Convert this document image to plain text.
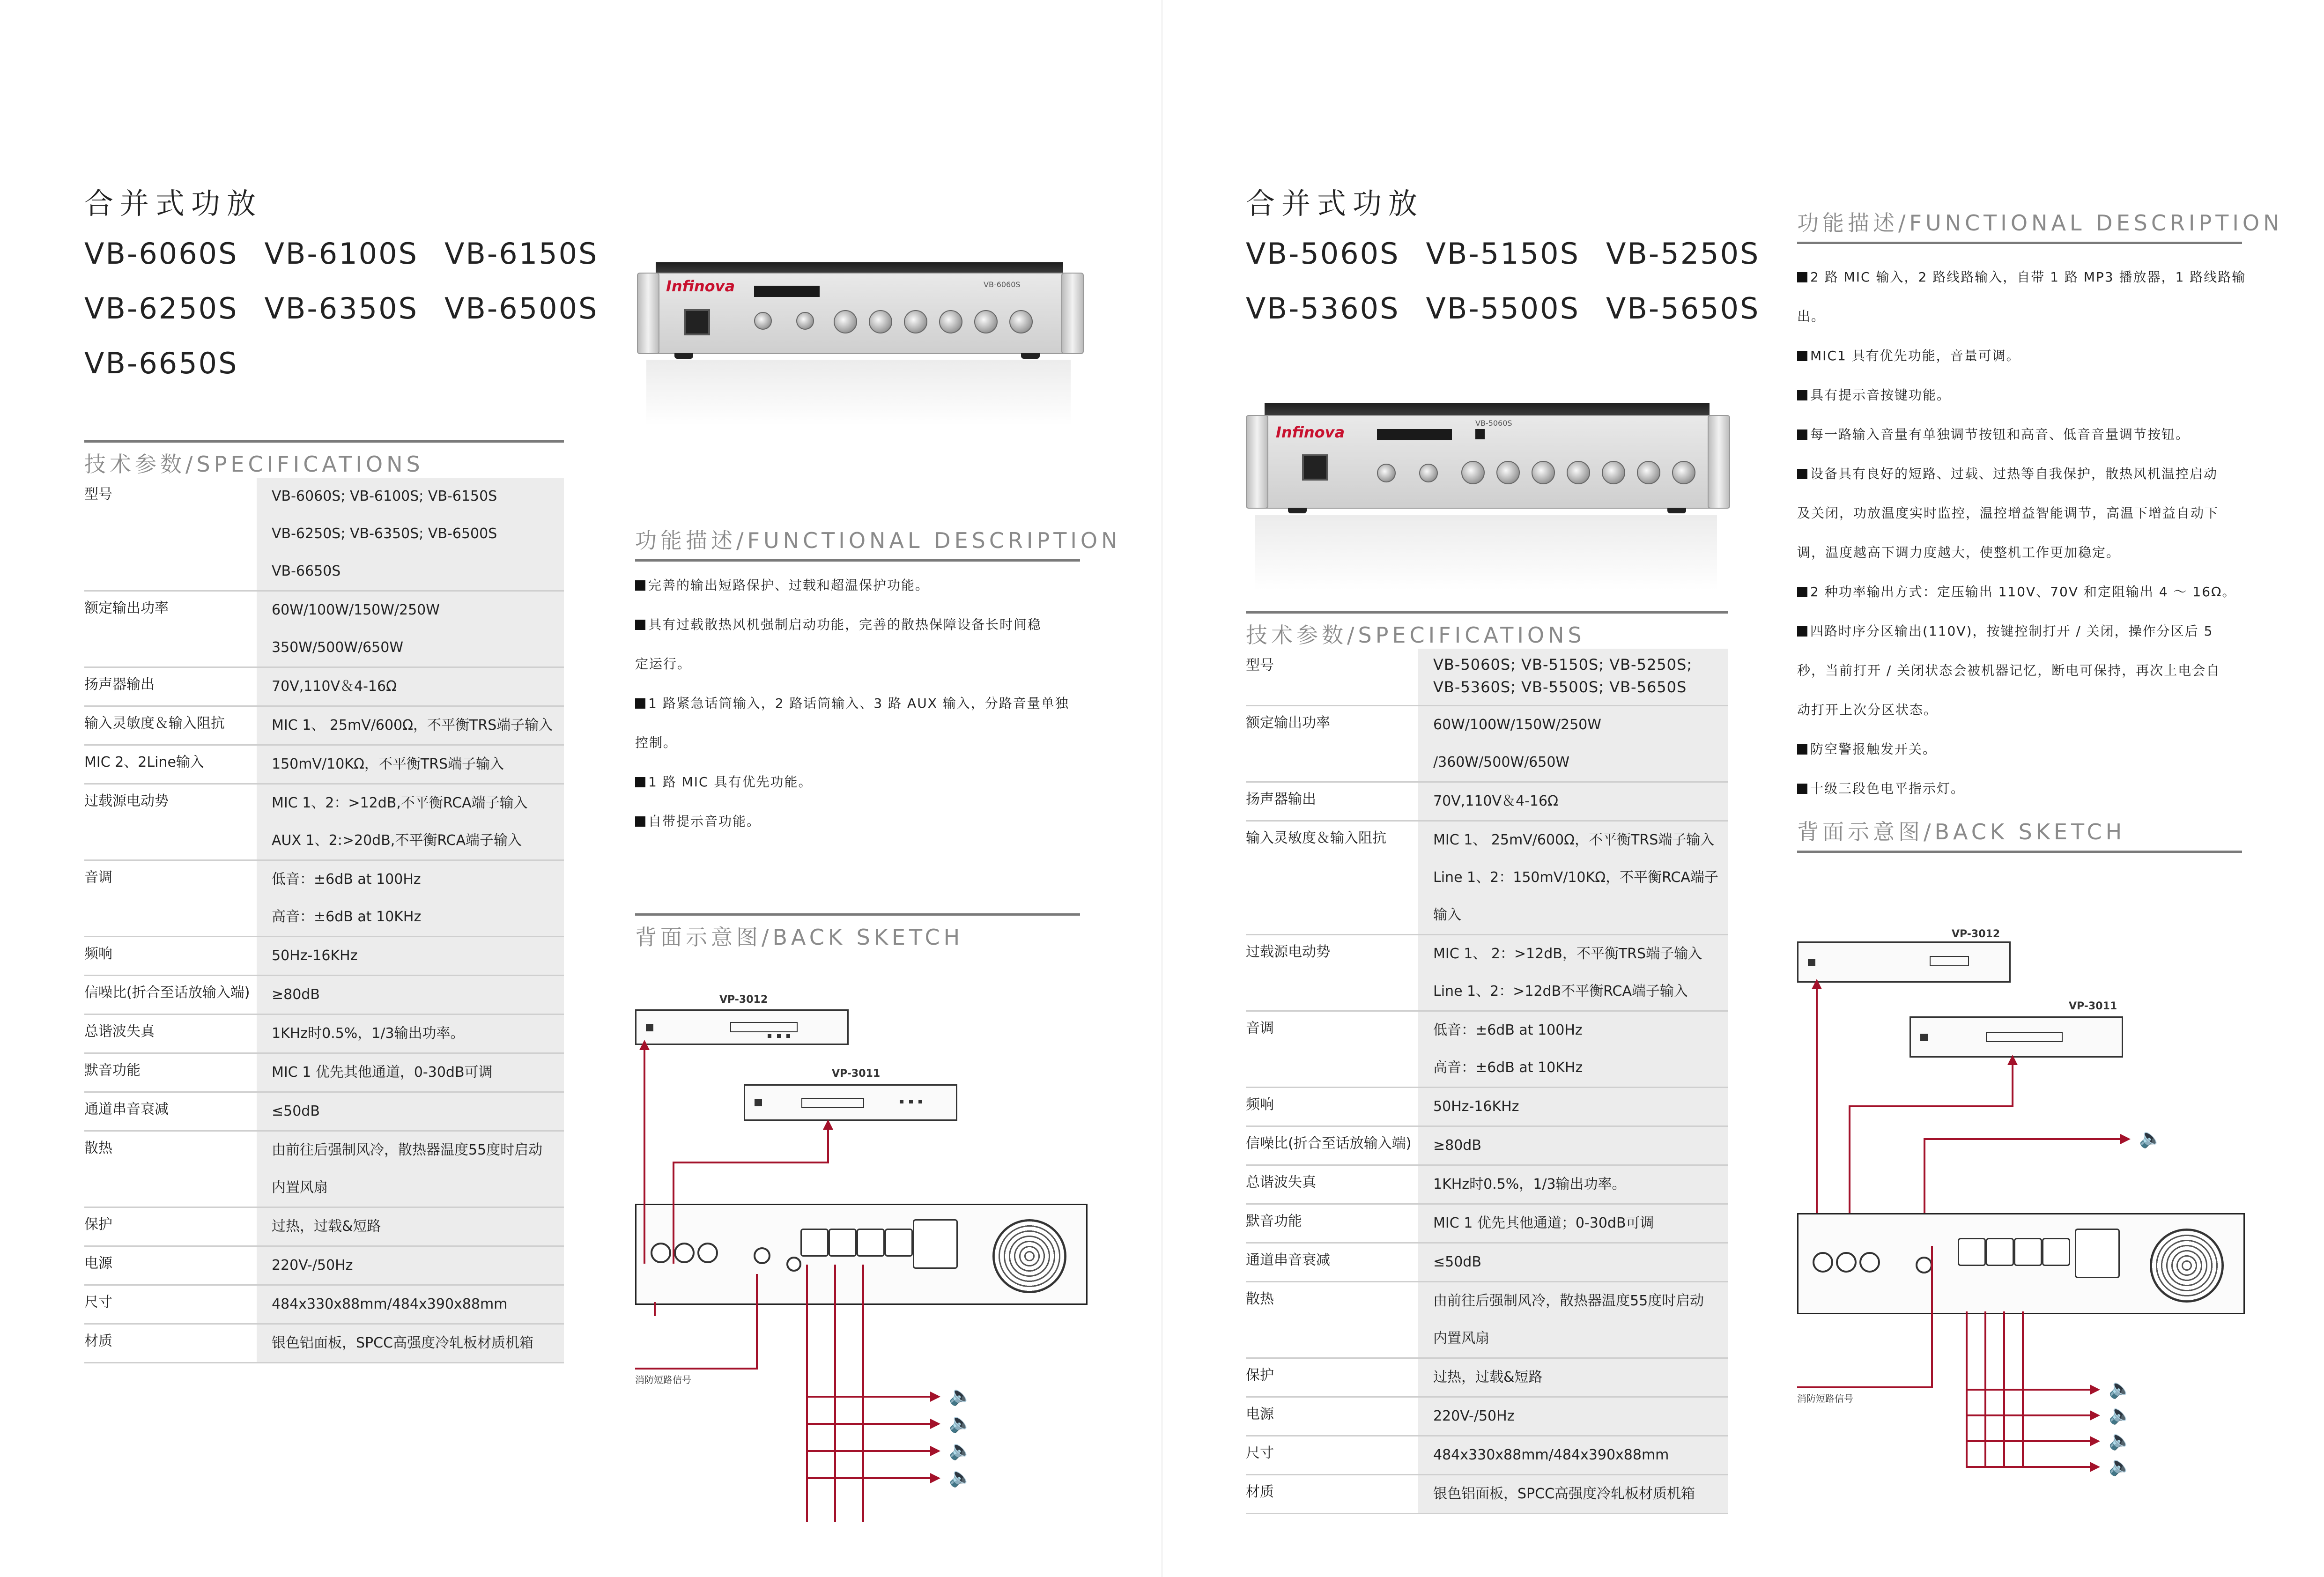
合并式功放
VB-6060S VB-6100S VB-6150S
VB-6250S VB-6350S VB-6500S
VB-6650S
Infinova	VB-6060S
技术参数/SPECIFICATIONS
型号	VB-6060S; VB-6100S; VB-6150S
VB-6250S; VB-6350S; VB-6500S
VB-6650S

额定输出功率	60W/100W/150W/250W
350W/500W/650W

扬声器输出	70V,110V＆4-16Ω

输入灵敏度＆输入阻抗	MIC 1、 25mV/600Ω，不平衡TRS端子输入

MIC 2、2Line输入	150mV/10KΩ，不平衡TRS端子输入

过载源电动势	MIC 1、2：>12dB,不平衡RCA端子输入
AUX 1、2:>20dB,不平衡RCA端子输入

音调	低音：±6dB at 100Hz
高音：±6dB at 10KHz

频响	50Hz-16KHz

信噪比(折合至话放输入端)	≥80dB

总谐波失真	1KHz时0.5%，1/3输出功率。

默音功能	MIC 1 优先其他通道，0-30dB可调

通道串音衰减	≤50dB

散热	由前往后强制风冷，散热器温度55度时启动
内置风扇

保护	过热，过载&短路

电源	220V-/50Hz

尺寸	484x330x88mm/484x390x88mm

材质	银色铝面板，SPCC高强度冷轧板材质机箱
功能描述/FUNCTIONAL DESCRIPTION
完善的输出短路保护、过载和超温保护功能。
具有过载散热风机强制启动功能，完善的散热保障设备长时间稳
定运行。
1 路紧急话筒输入，2 路话筒输入、3 路 AUX 输入，分路音量单独
控制。
1 路 MIC 具有优先功能。
自带提示音功能。
背面示意图/BACK SKETCH
VP-3012
VP-3011
消防短路信号
🔈
🔈
🔈
🔈
合并式功放
VB-5060S VB-5150S VB-5250S
VB-5360S VB-5500S VB-5650S
Infinova
VB-5060S
技术参数/SPECIFICATIONS
型号	VB-5060S; VB-5150S; VB-5250S;
VB-5360S; VB-5500S; VB-5650S

额定输出功率	60W/100W/150W/250W
/360W/500W/650W

扬声器输出	70V,110V＆4-16Ω

输入灵敏度＆输入阻抗	MIC 1、 25mV/600Ω，不平衡TRS端子输入
Line 1、2：150mV/10KΩ，不平衡RCA端子输入

过载源电动势	MIC 1、 2：>12dB，不平衡TRS端子输入
Line 1、2：>12dB不平衡RCA端子输入

音调	低音：±6dB at 100Hz
高音：±6dB at 10KHz

频响	50Hz-16KHz

信噪比(折合至话放输入端)	≥80dB

总谐波失真	1KHz时0.5%，1/3输出功率。

默音功能	MIC 1 优先其他通道；0-30dB可调

通道串音衰减	≤50dB

散热	由前往后强制风冷，散热器温度55度时启动
内置风扇

保护	过热，过载&短路

电源	220V-/50Hz

尺寸	484x330x88mm/484x390x88mm

材质	银色铝面板，SPCC高强度冷轧板材质机箱
功能描述/FUNCTIONAL DESCRIPTION
2 路 MIC 输入，2 路线路输入，自带 1 路 MP3 播放器，1 路线路输出。
MIC1 具有优先功能，音量可调。
具有提示音按键功能。
每一路输入音量有单独调节按钮和高音、低音音量调节按钮。
设备具有良好的短路、过载、过热等自我保护，散热风机温控启动
及关闭，功放温度实时监控，温控增益智能调节，高温下增益自动下
调，温度越高下调力度越大，使整机工作更加稳定。
2 种功率输出方式：定压输出 110V、70V 和定阻输出 4 ～ 16Ω。
四路时序分区输出(110V)，按键控制打开 / 关闭，操作分区后 5
秒，当前打开 / 关闭状态会被机器记忆，断电可保持，再次上电会自
动打开上次分区状态。
防空警报触发开关。
十级三段色电平指示灯。
背面示意图/BACK SKETCH
VP-3012
VP-3011
🔈
消防短路信号	🔈
🔈
🔈
🔈
